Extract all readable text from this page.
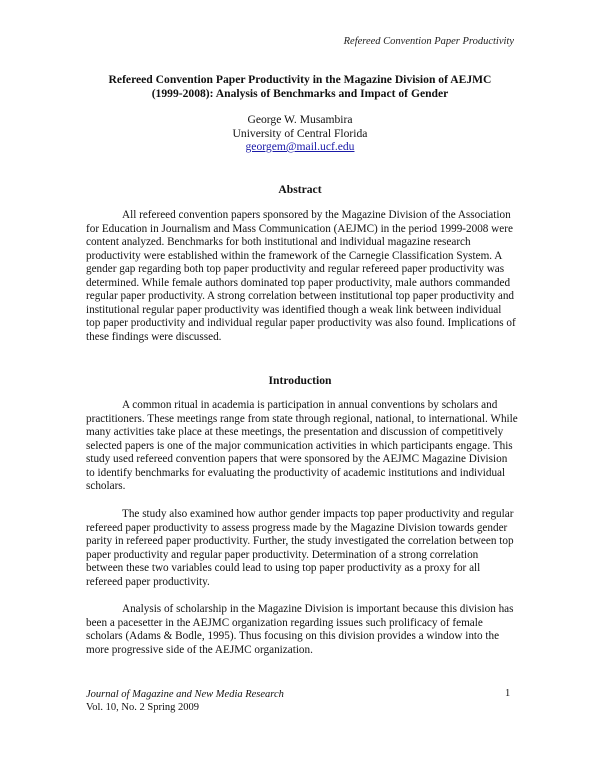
Refereed Convention Paper Productivity
Refereed Convention Paper Productivity in the Magazine Division of AEJMC
(1999-2008): Analysis of Benchmarks and Impact of Gender
George W. Musambira
University of Central Florida
georgem@mail.ucf.edu
Abstract

All refereed convention papers sponsored by the Magazine Division of the Association for Education in Journalism and Mass Communication (AEJMC) in the period 1999-2008 were content analyzed. Benchmarks for both institutional and individual magazine research productivity were established within the framework of the Carnegie Classification System. A gender gap regarding both top paper productivity and regular refereed paper productivity was determined. While female authors dominated top paper productivity, male authors commanded regular paper productivity. A strong correlation between institutional top paper productivity and institutional regular paper productivity was identified though a weak link between individual top paper productivity and individual regular paper productivity was also found. Implications of these findings were discussed.

Introduction

A common ritual in academia is participation in annual conventions by scholars and practitioners. These meetings range from state through regional, national, to international. While many activities take place at these meetings, the presentation and discussion of competitively selected papers is one of the major communication activities in which participants engage. This study used refereed convention papers that were sponsored by the AEJMC Magazine Division to identify benchmarks for evaluating the productivity of academic institutions and individual scholars.

The study also examined how author gender impacts top paper productivity and regular refereed paper productivity to assess progress made by the Magazine Division towards gender parity in refereed paper productivity. Further, the study investigated the correlation between top paper productivity and regular paper productivity. Determination of a strong correlation between these two variables could lead to using top paper productivity as a proxy for all refereed paper productivity.

Analysis of scholarship in the Magazine Division is important because this division has been a pacesetter in the AEJMC organization regarding issues such prolificacy of female scholars (Adams & Bodle, 1995). Thus focusing on this division provides a window into the more progressive side of the AEJMC organization.

Journal of Magazine and New Media Research
Vol. 10, No. 2 Spring 2009
1
